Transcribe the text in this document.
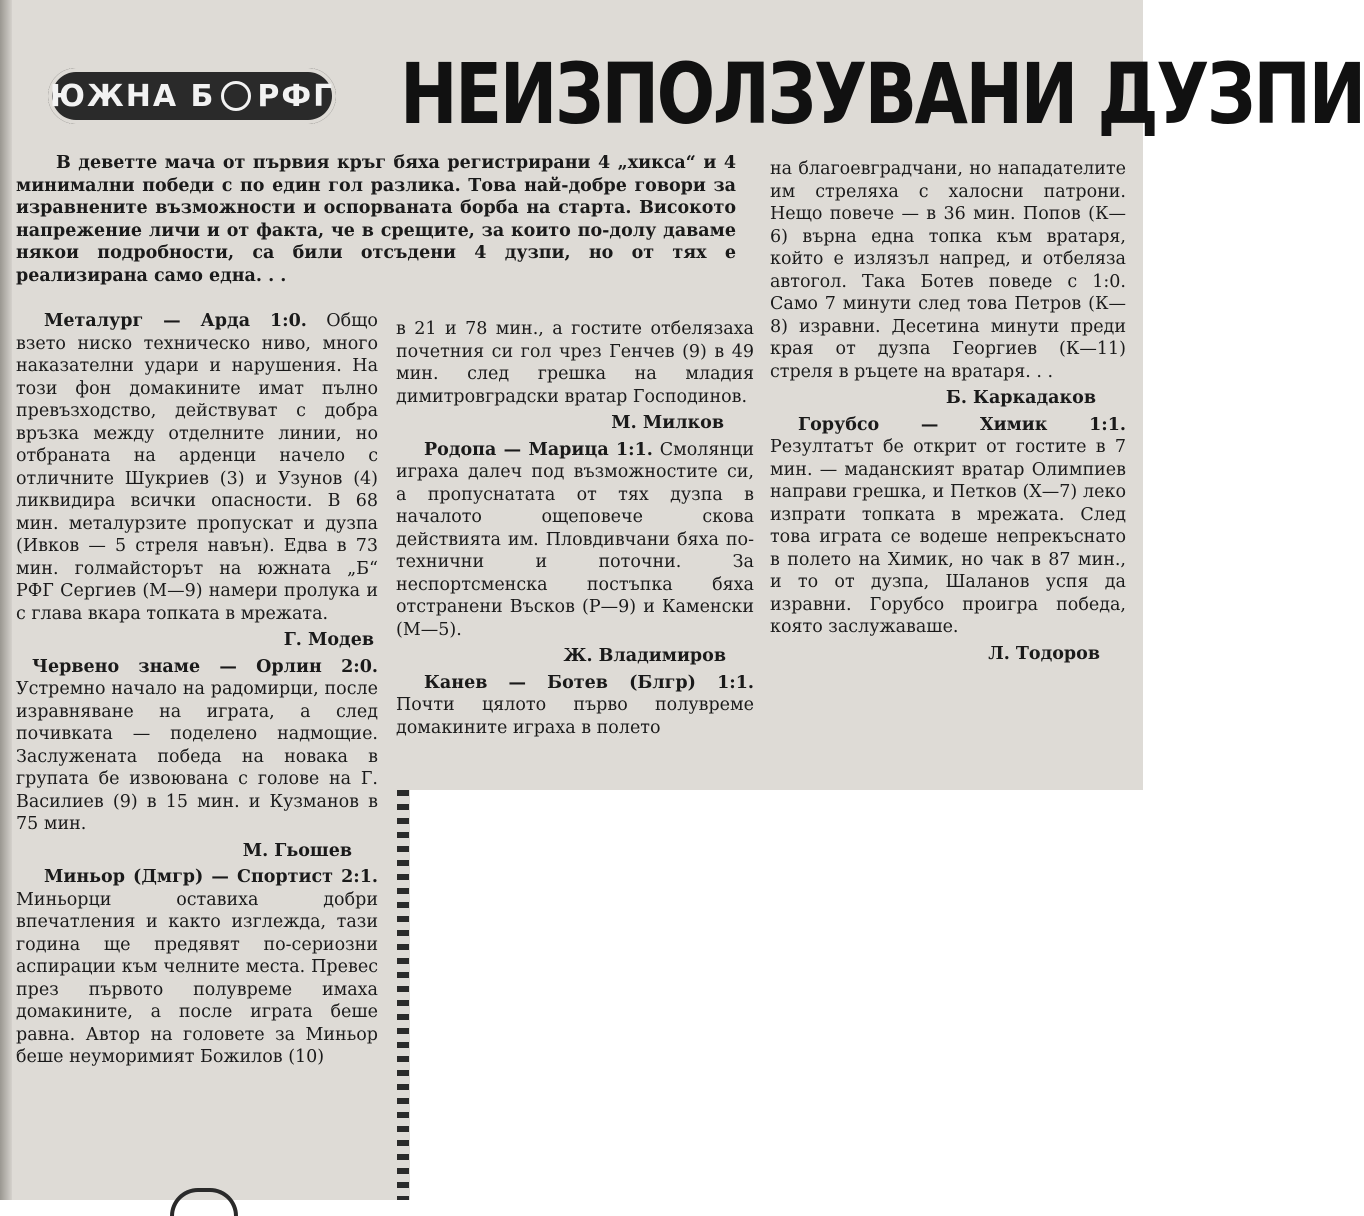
ЮЖНА Б РФГ НЕИЗПОЛЗУВАНИ ДУЗПИ

В деветте мача от първия кръг бяха регистрирани 4 „хиксa“ и 4 минимални победи с по един гол разлика. Това най-добре говори за изравнените възможности и оспорваната борба на старта. Високото напрежение личи и от факта, че в срещите, за които по-долу даваме някои подробности, са били отсъдени 4 дузпи, но от тях е реализирана само една. . .

Металург — Арда 1:0. Общо взето ниско техническо ниво, много наказателни удари и нарушения. На този фон домакините имат пълно превъзходство, действуват с добра връзка между отделните линии, но отбраната на арденци начело с отличните Шукриев (3) и Узунов (4) ликвидира всички опасности. В 68 мин. металурзите пропускат и дузпа (Ивков — 5 стреля навън). Едва в 73 мин. голмайсторът на южната „Б“ РФГ Сергиев (М—9) намери пролука и с глава вкара топката в мрежата.

Г. Модев

Червено знаме — Орлин 2:0. Устремно начало на радомирци, после изравняване на играта, а след почивката — поделено надмощие. Заслужената победа на новака в групата бе извоювана с голове на Г. Василиев (9) в 15 мин. и Кузманов в 75 мин.

М. Гьошев

Миньор (Дмгр) — Спортист 2:1. Миньорци оставиха добри впечатления и както изглежда, тази година ще предявят по-сериозни аспирации към челните места. Превес през първото полувреме имаха домакините, а после играта беше равна. Автор на головете за Миньор беше неуморимият Божилов (10)

в 21 и 78 мин., а гостите отбелязаха почетния си гол чрез Генчев (9) в 49 мин. след грешка на младия димитровградски вратар Господинов.

М. Милков

Родопа — Марица 1:1. Смолянци играха далеч под възможностите си, а пропуснатата от тях дузпа в началото ощеповече скова действията им. Пловдивчани бяха по-технични и поточни. За неспортсменска постъпка бяха отстранени Въсков (Р—9) и Каменски (М—5).

Ж. Владимиров

Канев — Ботев (Блгр) 1:1. Почти цялото първо полувреме домакините играха в полето

на благоевградчани, но нападателите им стреляха с халосни патрони. Нещо повече — в 36 мин. Попов (К—6) върна една топка към вратаря, който е излязъл напред, и отбеляза автогол. Така Ботев поведе с 1:0. Само 7 минути след това Петров (К—8) изравни. Десетина минути преди края от дузпа Георгиев (К—11) стреля в ръцете на вратаря. . .

Б. Каркадаков

Горубсо — Химик 1:1. Резултатът бе открит от гостите в 7 мин. — маданският вратар Олимпиев направи грешка, и Петков (Х—7) леко изпрати топката в мрежата. След това играта се водеше непрекъснато в полето на Химик, но чак в 87 мин., и то от дузпа, Шаланов успя да изравни. Горубсо проигра победа, която заслужаваше.

Л. Тодоров
